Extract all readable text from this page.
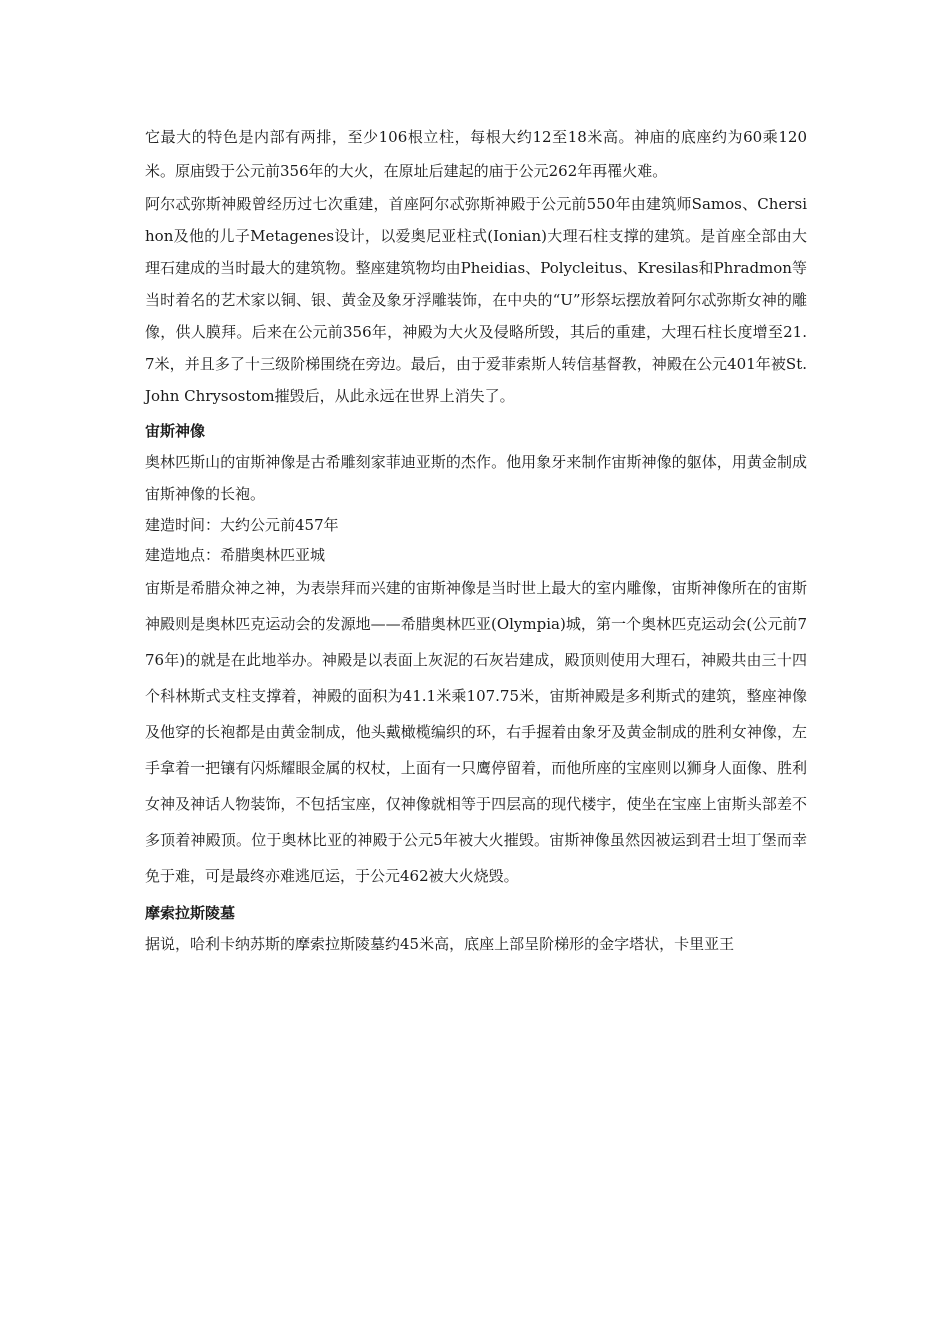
它最大的特色是内部有两排，至少106根立柱，每根大约12至18米高。神庙的底座约为60乘120米。原庙毁于公元前356年的大火，在原址后建起的庙于公元262年再罹火难。

阿尔忒弥斯神殿曾经历过七次重建，首座阿尔忒弥斯神殿于公元前550年由建筑师Samos、Chersihon及他的儿子Metagenes设计，以爱奥尼亚柱式(Ionian)大理石柱支撑的建筑。是首座全部由大理石建成的当时最大的建筑物。整座建筑物均由Pheidias、Polycleitus、Kresilas和Phradmon等当时着名的艺术家以铜、银、黄金及象牙浮雕装饰，在中央的“U”形祭坛摆放着阿尔忒弥斯女神的雕像，供人膜拜。后来在公元前356年，神殿为大火及侵略所毁，其后的重建，大理石柱长度增至21.7米，并且多了十三级阶梯围绕在旁边。最后，由于爱菲索斯人转信基督教，神殿在公元401年被St. John Chrysostom摧毁后，从此永远在世界上消失了。

宙斯神像

奥林匹斯山的宙斯神像是古希雕刻家菲迪亚斯的杰作。他用象牙来制作宙斯神像的躯体，用黄金制成宙斯神像的长袍。

建造时间：大约公元前457年

建造地点：希腊奥林匹亚城

宙斯是希腊众神之神，为表崇拜而兴建的宙斯神像是当时世上最大的室内雕像，宙斯神像所在的宙斯神殿则是奥林匹克运动会的发源地——希腊奥林匹亚(Olympia)城，第一个奥林匹克运动会(公元前776年)的就是在此地举办。神殿是以表面上灰泥的石灰岩建成，殿顶则使用大理石，神殿共由三十四个科林斯式支柱支撑着，神殿的面积为41.1米乘107.75米，宙斯神殿是多利斯式的建筑，整座神像及他穿的长袍都是由黄金制成，他头戴橄榄编织的环，右手握着由象牙及黄金制成的胜利女神像，左手拿着一把镶有闪烁耀眼金属的权杖，上面有一只鹰停留着，而他所座的宝座则以狮身人面像、胜利女神及神话人物装饰，不包括宝座，仅神像就相等于四层高的现代楼宇，使坐在宝座上宙斯头部差不多顶着神殿顶。位于奥林比亚的神殿于公元5年被大火摧毁。宙斯神像虽然因被运到君士坦丁堡而幸免于难，可是最终亦难逃厄运，于公元462被大火烧毁。

摩索拉斯陵墓

据说，哈利卡纳苏斯的摩索拉斯陵墓约45米高，底座上部呈阶梯形的金字塔状，卡里亚王
